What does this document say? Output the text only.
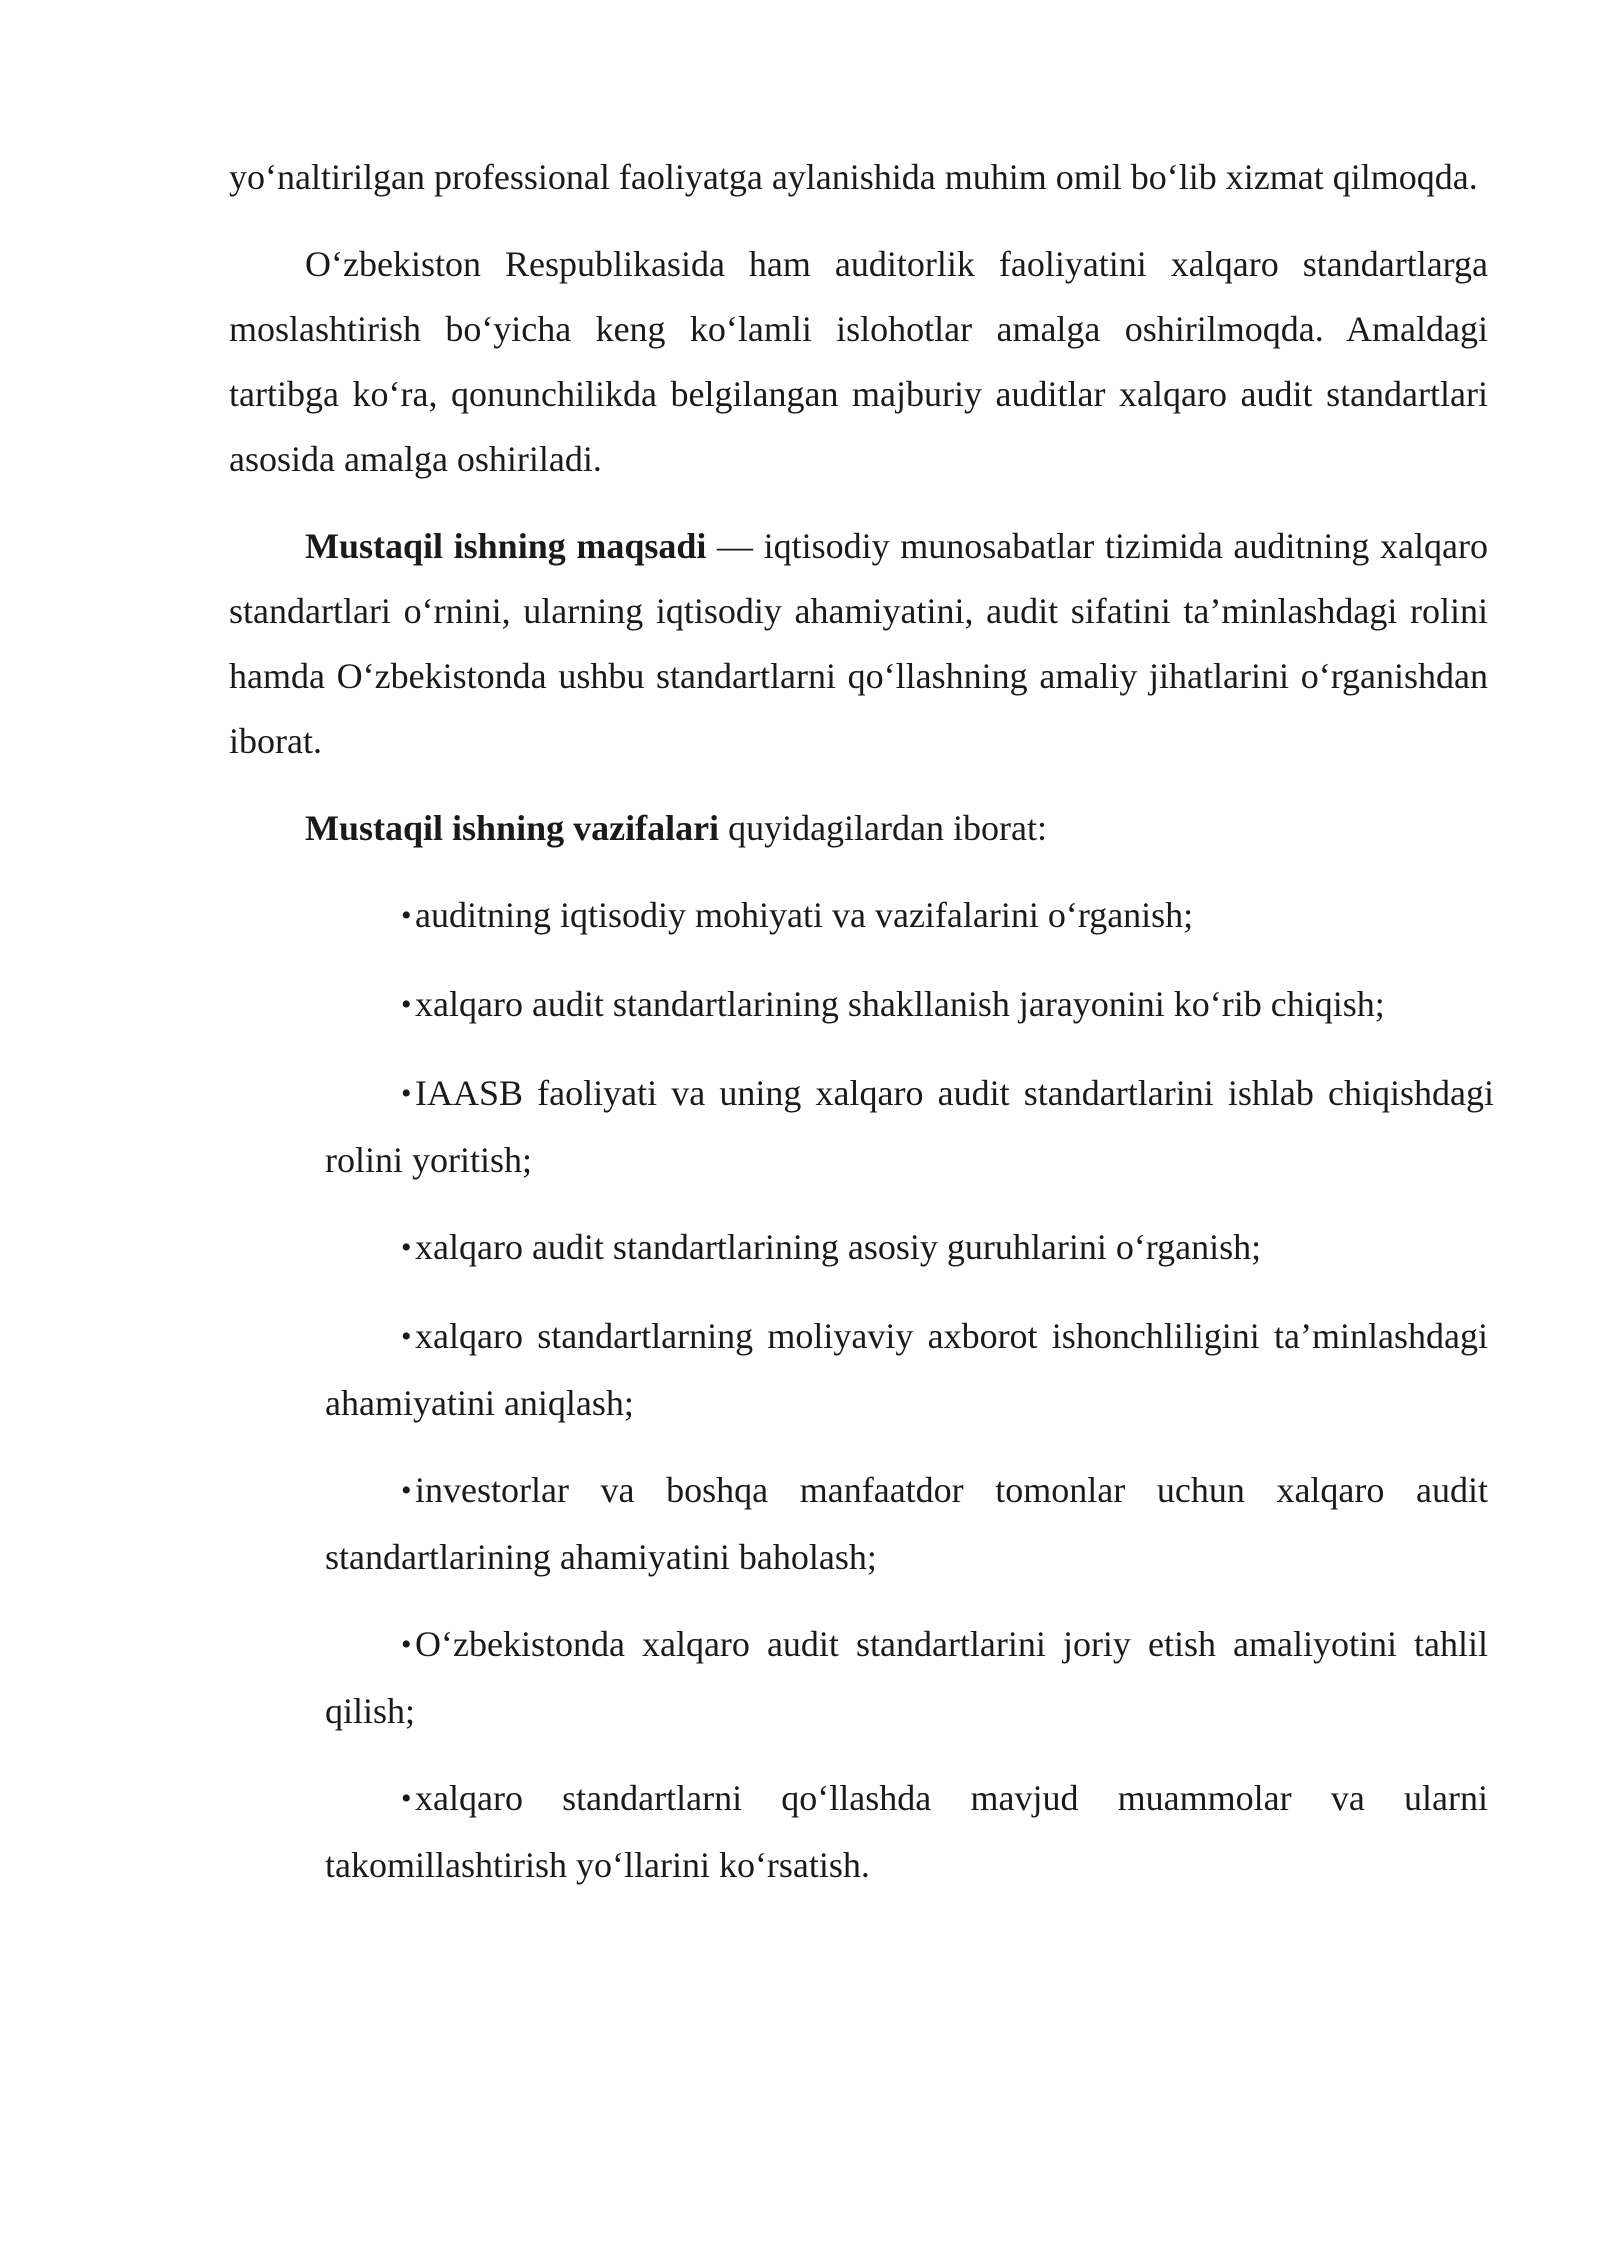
yo‘naltirilgan professional faoliyatga aylanishida muhim omil bo‘lib xizmat qilmoqda.

O‘zbekiston Respublikasida ham auditorlik faoliyatini xalqaro standartlarga moslashtirish bo‘yicha keng ko‘lamli islohotlar amalga oshirilmoqda. Amaldagi tartibga ko‘ra, qonunchilikda belgilangan majburiy auditlar xalqaro audit standartlari asosida amalga oshiriladi.

Mustaqil ishning maqsadi — iqtisodiy munosabatlar tizimida auditning xalqaro standartlari o‘rnini, ularning iqtisodiy ahamiyatini, audit sifatini ta’minlashdagi rolini hamda O‘zbekistonda ushbu standartlarni qo‘llashning amaliy jihatlarini o‘rganishdan iborat.

Mustaqil ishning vazifalari quyidagilardan iborat:

•auditning iqtisodiy mohiyati va vazifalarini o‘rganish;
•xalqaro audit standartlarining shakllanish jarayonini ko‘rib chiqish;
•IAASB faoliyati va uning xalqaro audit standartlarini ishlab chiqishdagi rolini yoritish;
•xalqaro audit standartlarining asosiy guruhlarini o‘rganish;
•xalqaro standartlarning moliyaviy axborot ishonchliligini ta’minlashdagi ahamiyatini aniqlash;
•investorlar va boshqa manfaatdor tomonlar uchun xalqaro audit standartlarining ahamiyatini baholash;
•O‘zbekistonda xalqaro audit standartlarini joriy etish amaliyotini tahlil qilish;
•xalqaro standartlarni qo‘llashda mavjud muammolar va ularni takomillashtirish yo‘llarini ko‘rsatish.
